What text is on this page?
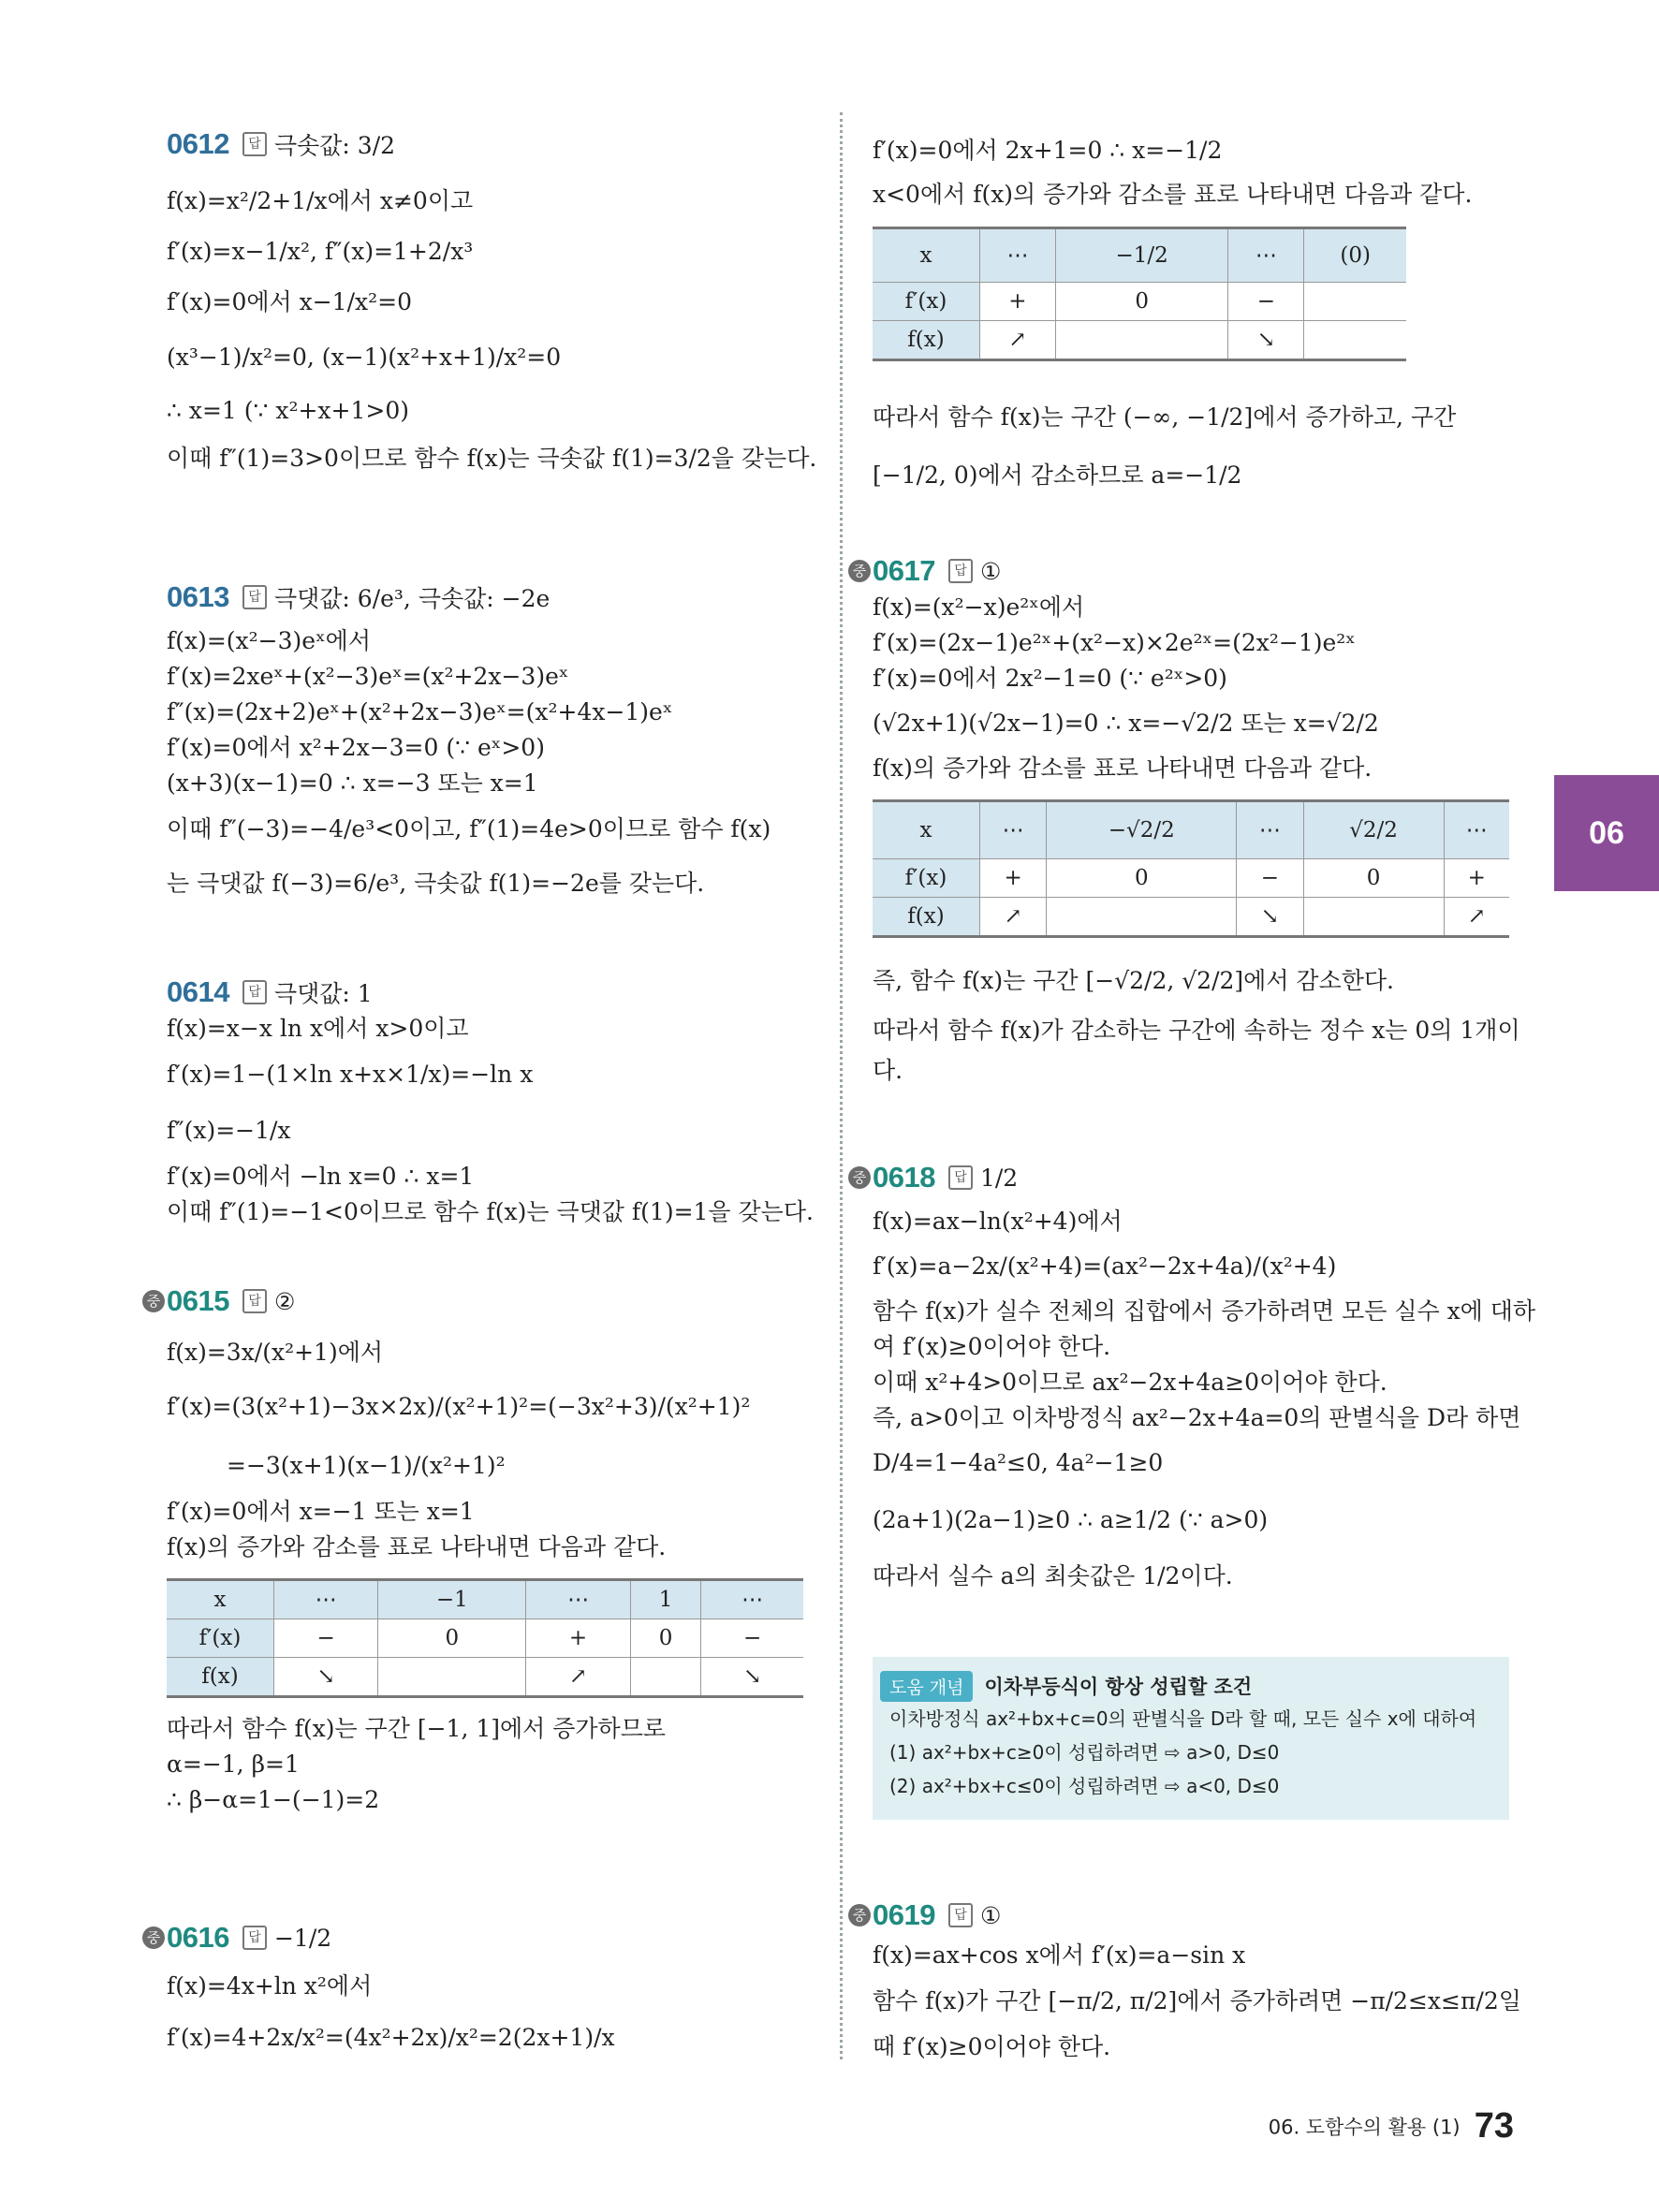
06
0612	답 극솟값: 3/2
f(x)=x²/2+1/x에서 x≠0이고
f′(x)=x−1/x², f″(x)=1+2/x³
f′(x)=0에서 x−1/x²=0
(x³−1)/x²=0, (x−1)(x²+x+1)/x²=0
∴ x=1 (∵ x²+x+1>0)
이때 f″(1)=3>0이므로 함수 f(x)는 극솟값 f(1)=3/2을 갖는다.
0613	답 극댓값: 6/e³, 극솟값: −2e
f(x)=(x²−3)eˣ에서
f′(x)=2xeˣ+(x²−3)eˣ=(x²+2x−3)eˣ
f″(x)=(2x+2)eˣ+(x²+2x−3)eˣ=(x²+4x−1)eˣ
f′(x)=0에서 x²+2x−3=0 (∵ eˣ>0)
(x+3)(x−1)=0 ∴ x=−3 또는 x=1
이때 f″(−3)=−4/e³<0이고, f″(1)=4e>0이므로 함수 f(x)
는 극댓값 f(−3)=6/e³, 극솟값 f(1)=−2e를 갖는다.
0614	답 극댓값: 1
f(x)=x−x ln x에서 x>0이고
f′(x)=1−(1×ln x+x×1/x)=−ln x
f″(x)=−1/x
f′(x)=0에서 −ln x=0 ∴ x=1
이때 f″(1)=−1<0이므로 함수 f(x)는 극댓값 f(1)=1을 갖는다.
중 0615	답 ②
f(x)=3x/(x²+1)에서
f′(x)=(3(x²+1)−3x×2x)/(x²+1)²=(−3x²+3)/(x²+1)²
=−3(x+1)(x−1)/(x²+1)²
f′(x)=0에서 x=−1 또는 x=1
f(x)의 증가와 감소를 표로 나타내면 다음과 같다.
x	⋯	−1	⋯	1	⋯
f′(x)	−	0	+	0	−
f(x)	↘		↗		↘
따라서 함수 f(x)는 구간 [−1, 1]에서 증가하므로
α=−1, β=1
∴ β−α=1−(−1)=2
중 0616	답 −1/2
f(x)=4x+ln x²에서
f′(x)=4+2x/x²=(4x²+2x)/x²=2(2x+1)/x
f′(x)=0에서 2x+1=0 ∴ x=−1/2
x<0에서 f(x)의 증가와 감소를 표로 나타내면 다음과 같다.
x	⋯	−1/2	⋯	(0)
f′(x)	+	0	−	
f(x)	↗		↘	
따라서 함수 f(x)는 구간 (−∞, −1/2]에서 증가하고, 구간
[−1/2, 0)에서 감소하므로 a=−1/2
중 0617	답 ①
f(x)=(x²−x)e²ˣ에서
f′(x)=(2x−1)e²ˣ+(x²−x)×2e²ˣ=(2x²−1)e²ˣ
f′(x)=0에서 2x²−1=0 (∵ e²ˣ>0)
(√2x+1)(√2x−1)=0 ∴ x=−√2/2 또는 x=√2/2
f(x)의 증가와 감소를 표로 나타내면 다음과 같다.
x	⋯	−√2/2	⋯	√2/2	⋯
f′(x)	+	0	−	0	+
f(x)	↗		↘		↗
즉, 함수 f(x)는 구간 [−√2/2, √2/2]에서 감소한다.
따라서 함수 f(x)가 감소하는 구간에 속하는 정수 x는 0의 1개이
다.
중 0618	답 1/2
f(x)=ax−ln(x²+4)에서
f′(x)=a−2x/(x²+4)=(ax²−2x+4a)/(x²+4)
함수 f(x)가 실수 전체의 집합에서 증가하려면 모든 실수 x에 대하
여 f′(x)≥0이어야 한다.
이때 x²+4>0이므로 ax²−2x+4a≥0이어야 한다.
즉, a>0이고 이차방정식 ax²−2x+4a=0의 판별식을 D라 하면
D/4=1−4a²≤0, 4a²−1≥0
(2a+1)(2a−1)≥0 ∴ a≥1/2 (∵ a>0)
따라서 실수 a의 최솟값은 1/2이다.
도움 개념	이차부등식이 항상 성립할 조건
이차방정식 ax²+bx+c=0의 판별식을 D라 할 때, 모든 실수 x에 대하여
(1) ax²+bx+c≥0이 성립하려면 ⇨ a>0, D≤0
(2) ax²+bx+c≤0이 성립하려면 ⇨ a<0, D≤0
중 0619	답 ①
f(x)=ax+cos x에서 f′(x)=a−sin x
함수 f(x)가 구간 [−π/2, π/2]에서 증가하려면 −π/2≤x≤π/2일
때 f′(x)≥0이어야 한다.
06. 도함수의 활용 (1) 73
